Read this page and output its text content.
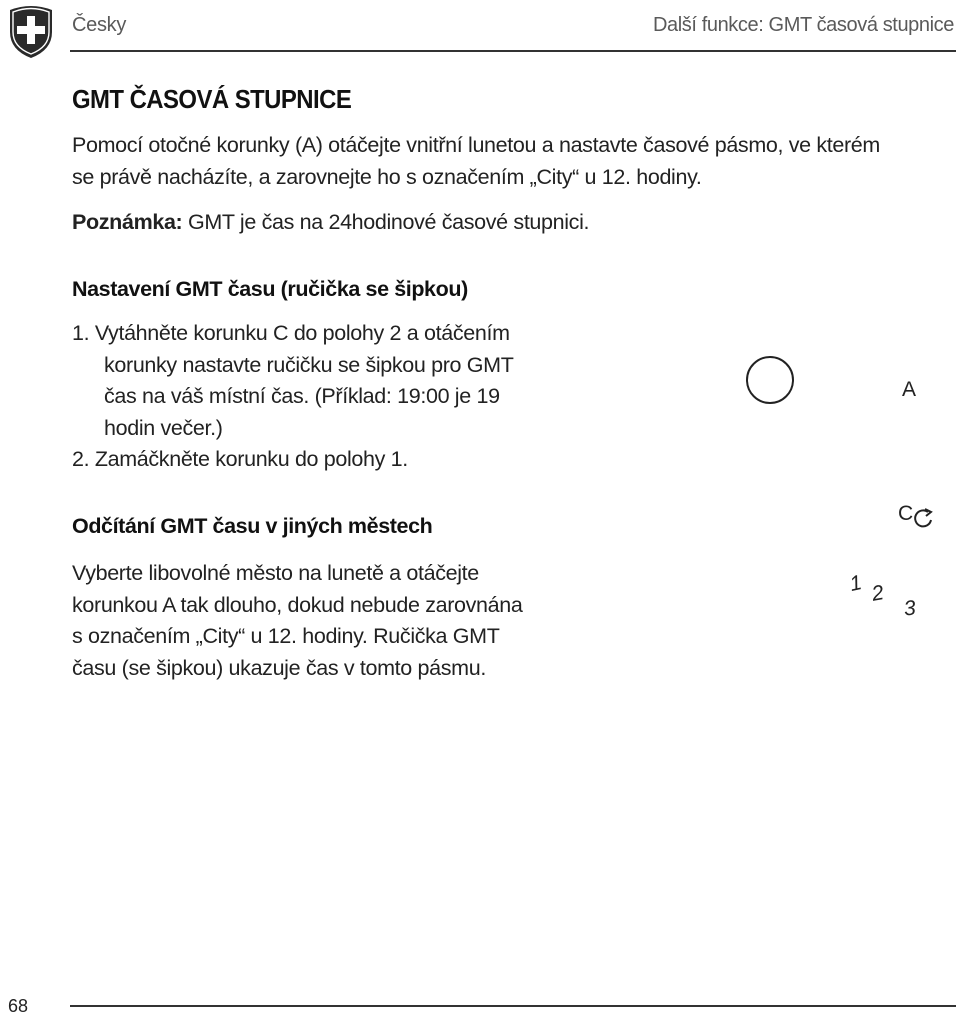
Česky	Další funkce: GMT časová stupnice
GMT ČASOVÁ STUPNICE
Pomocí otočné korunky (A) otáčejte vnitřní lunetou a nastavte časové pásmo, ve kterém
se právě nacházíte, a zarovnejte ho s označením „City“ u 12. hodiny.
Poznámka: GMT je čas na 24hodinové časové stupnici.
Nastavení GMT času (ručička se šipkou)
1. Vytáhněte korunku C do polohy 2 a otáčením
korunky nastavte ručičku se šipkou pro GMT
čas na váš místní čas. (Příklad: 19:00 je 19
hodin večer.)
2. Zamáčkněte korunku do polohy 1.
Odčítání GMT času v jiných městech
Vyberte libovolné město na lunetě a otáčejte
korunkou A tak dlouho, dokud nebude zarovnána
s označením „City“ u 12. hodiny. Ručička GMT
času (se šipkou) ukazuje čas v tomto pásmu.
A
C
1 2
3
68
